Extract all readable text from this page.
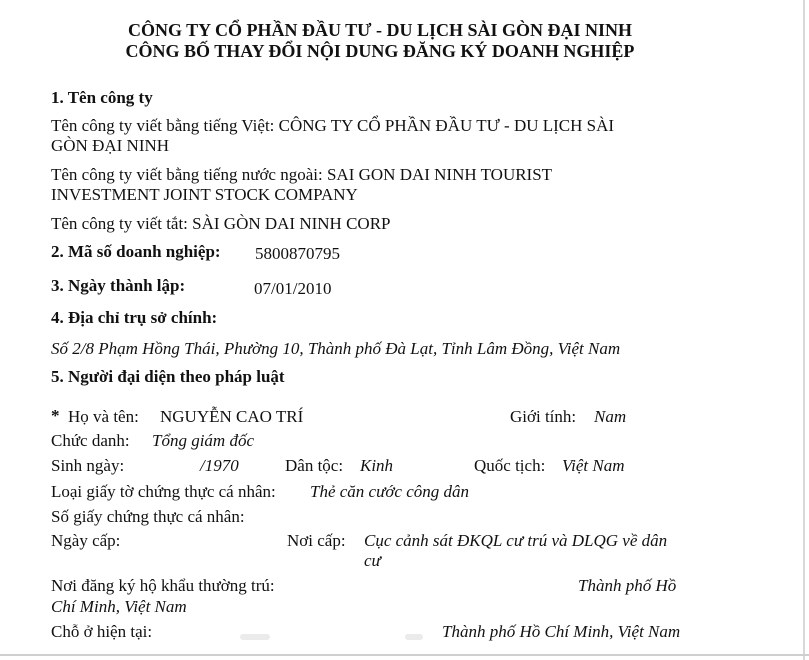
CÔNG TY CỔ PHẦN ĐẦU TƯ - DU LỊCH SÀI GÒN ĐẠI NINH
CÔNG BỐ THAY ĐỔI NỘI DUNG ĐĂNG KÝ DOANH NGHIỆP
1. Tên công ty
Tên công ty viết bằng tiếng Việt: CÔNG TY CỔ PHẦN ĐẦU TƯ - DU LỊCH SÀI
GÒN ĐẠI NINH
Tên công ty viết bằng tiếng nước ngoài: SAI GON DAI NINH TOURIST
INVESTMENT JOINT STOCK COMPANY
Tên công ty viết tắt: SÀI GÒN DAI NINH CORP
2. Mã số doanh nghiệp: 5800870795
3. Ngày thành lập:	07/01/2010
4. Địa chỉ trụ sở chính:
Số 2/8 Phạm Hồng Thái, Phường 10, Thành phố Đà Lạt, Tỉnh Lâm Đồng, Việt Nam
5. Người đại diện theo pháp luật
* Họ và tên: NGUYỄN CAO TRÍ	Giới tính: Nam
Chức danh: Tổng giám đốc
Sinh ngày:	/1970	Dân tộc: Kinh	Quốc tịch: Việt Nam
Loại giấy tờ chứng thực cá nhân: Thẻ căn cước công dân
Số giấy chứng thực cá nhân:
Ngày cấp:	Nơi cấp: Cục cảnh sát ĐKQL cư trú và DLQG về dân
cư
Nơi đăng ký hộ khẩu thường trú:	Thành phố Hồ
Chí Minh, Việt Nam
Chỗ ở hiện tại:	Thành phố Hồ Chí Minh, Việt Nam
